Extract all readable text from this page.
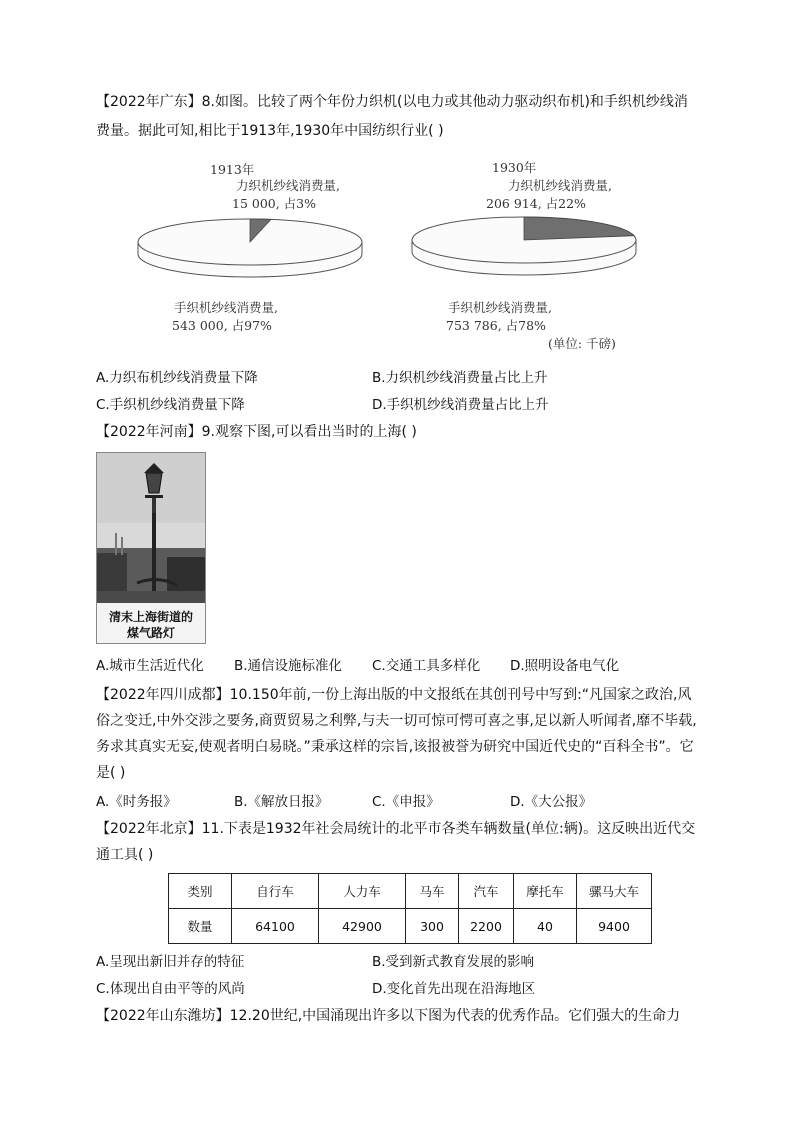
【2022年广东】8.如图。比较了两个年份力织机(以电力或其他动力驱动织布机)和手织机纱线消
费量。据此可知,相比于1913年,1930年中国纺织行业( )
1913年
力织机纱线消费量,
15 000, 占3%
手织机纱线消费量,
543 000, 占97%
1930年
力织机纱线消费量,
206 914, 占22%
手织机纱线消费量,
753 786, 占78%
(单位: 千磅)
A.力织布机纱线消费量下降	B.力织机纱线消费量占比上升
C.手织机纱线消费量下降	D.手织机纱线消费量占比上升
【2022年河南】9.观察下图,可以看出当时的上海( )
清末上海街道的
煤气路灯
A.城市生活近代化 B.通信设施标准化 C.交通工具多样化 D.照明设备电气化
【2022年四川成都】10.150年前,一份上海出版的中文报纸在其创刊号中写到:“凡国家之政治,风俗之变迁,中外交涉之要务,商贾贸易之利弊,与夫一切可惊可愕可喜之事,足以新人听闻者,靡不毕载,务求其真实无妄,使观者明白易晓。”秉承这样的宗旨,该报被誉为研究中国近代史的“百科全书”。它是( )
A.《时务报》	B.《解放日报》	C.《申报》	D.《大公报》
【2022年北京】11.下表是1932年社会局统计的北平市各类车辆数量(单位:辆)。这反映出近代交通工具( )
类别	自行车	人力车	马车	汽车	摩托车	骡马大车
数量	64100	42900	300	2200	40	9400
A.呈现出新旧并存的特征	B.受到新式教育发展的影响
C.体现出自由平等的风尚	D.变化首先出现在沿海地区
【2022年山东潍坊】12.20世纪,中国涌现出许多以下图为代表的优秀作品。它们强大的生命力
